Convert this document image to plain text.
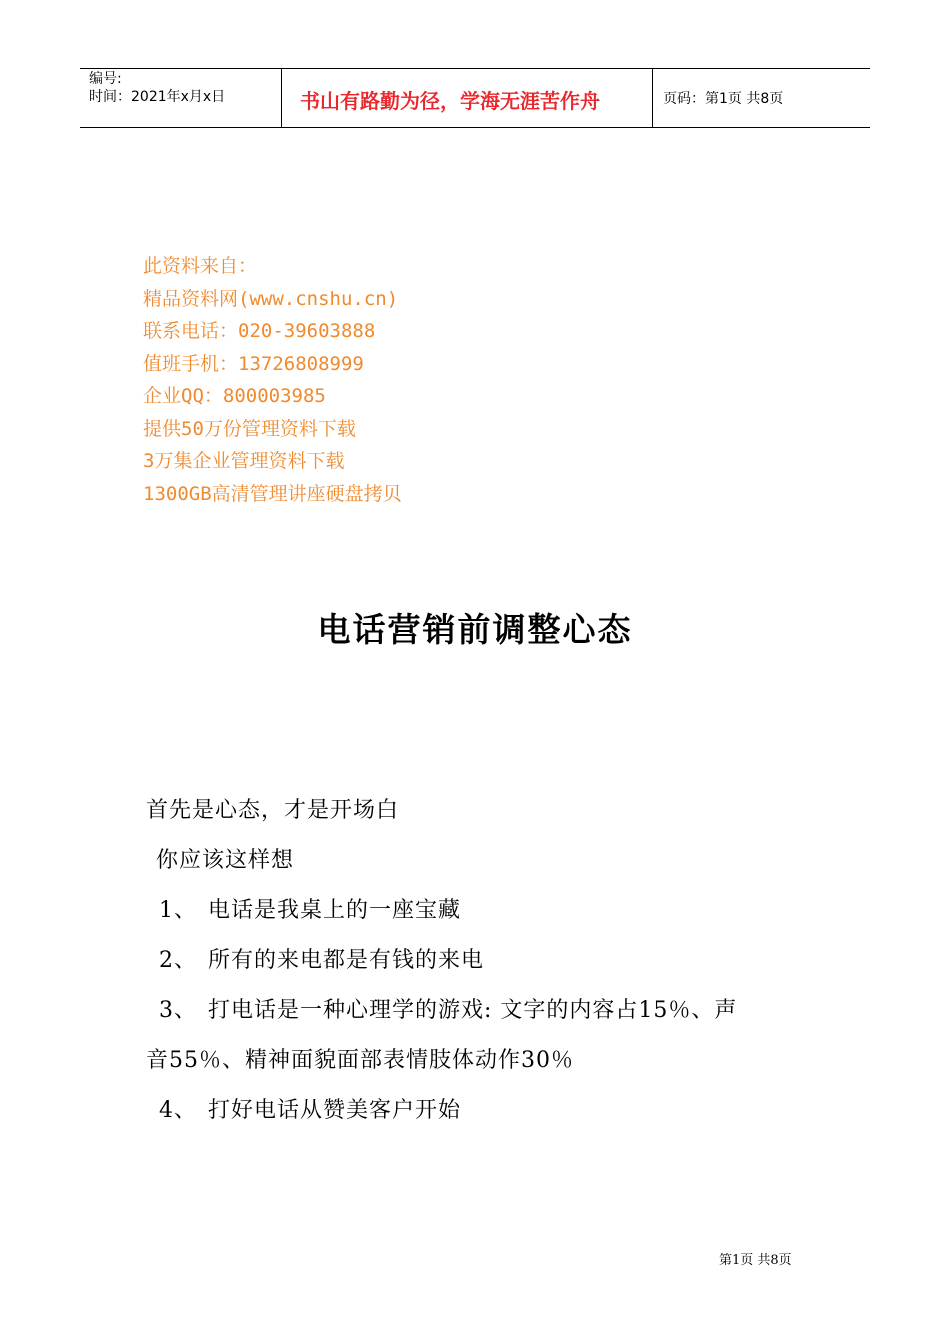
编号:
时间：2021年x月x日	书山有路勤为径，学海无涯苦作舟	页码：第1页 共8页
此资料来自：
精品资料网(www.cnshu.cn)
联系电话：020-39603888
值班手机：13726808999
企业QQ：800003985
提供50万份管理资料下载
3万集企业管理资料下载
1300GB高清管理讲座硬盘拷贝
电话营销前调整心态
首先是心态，才是开场白
你应该这样想
1、 电话是我桌上的一座宝藏
2、 所有的来电都是有钱的来电
3、 打电话是一种心理学的游戏: 文字的内容占15％、声
音55％、精神面貌面部表情肢体动作30％
4、 打好电话从赞美客户开始
第1页 共8页
